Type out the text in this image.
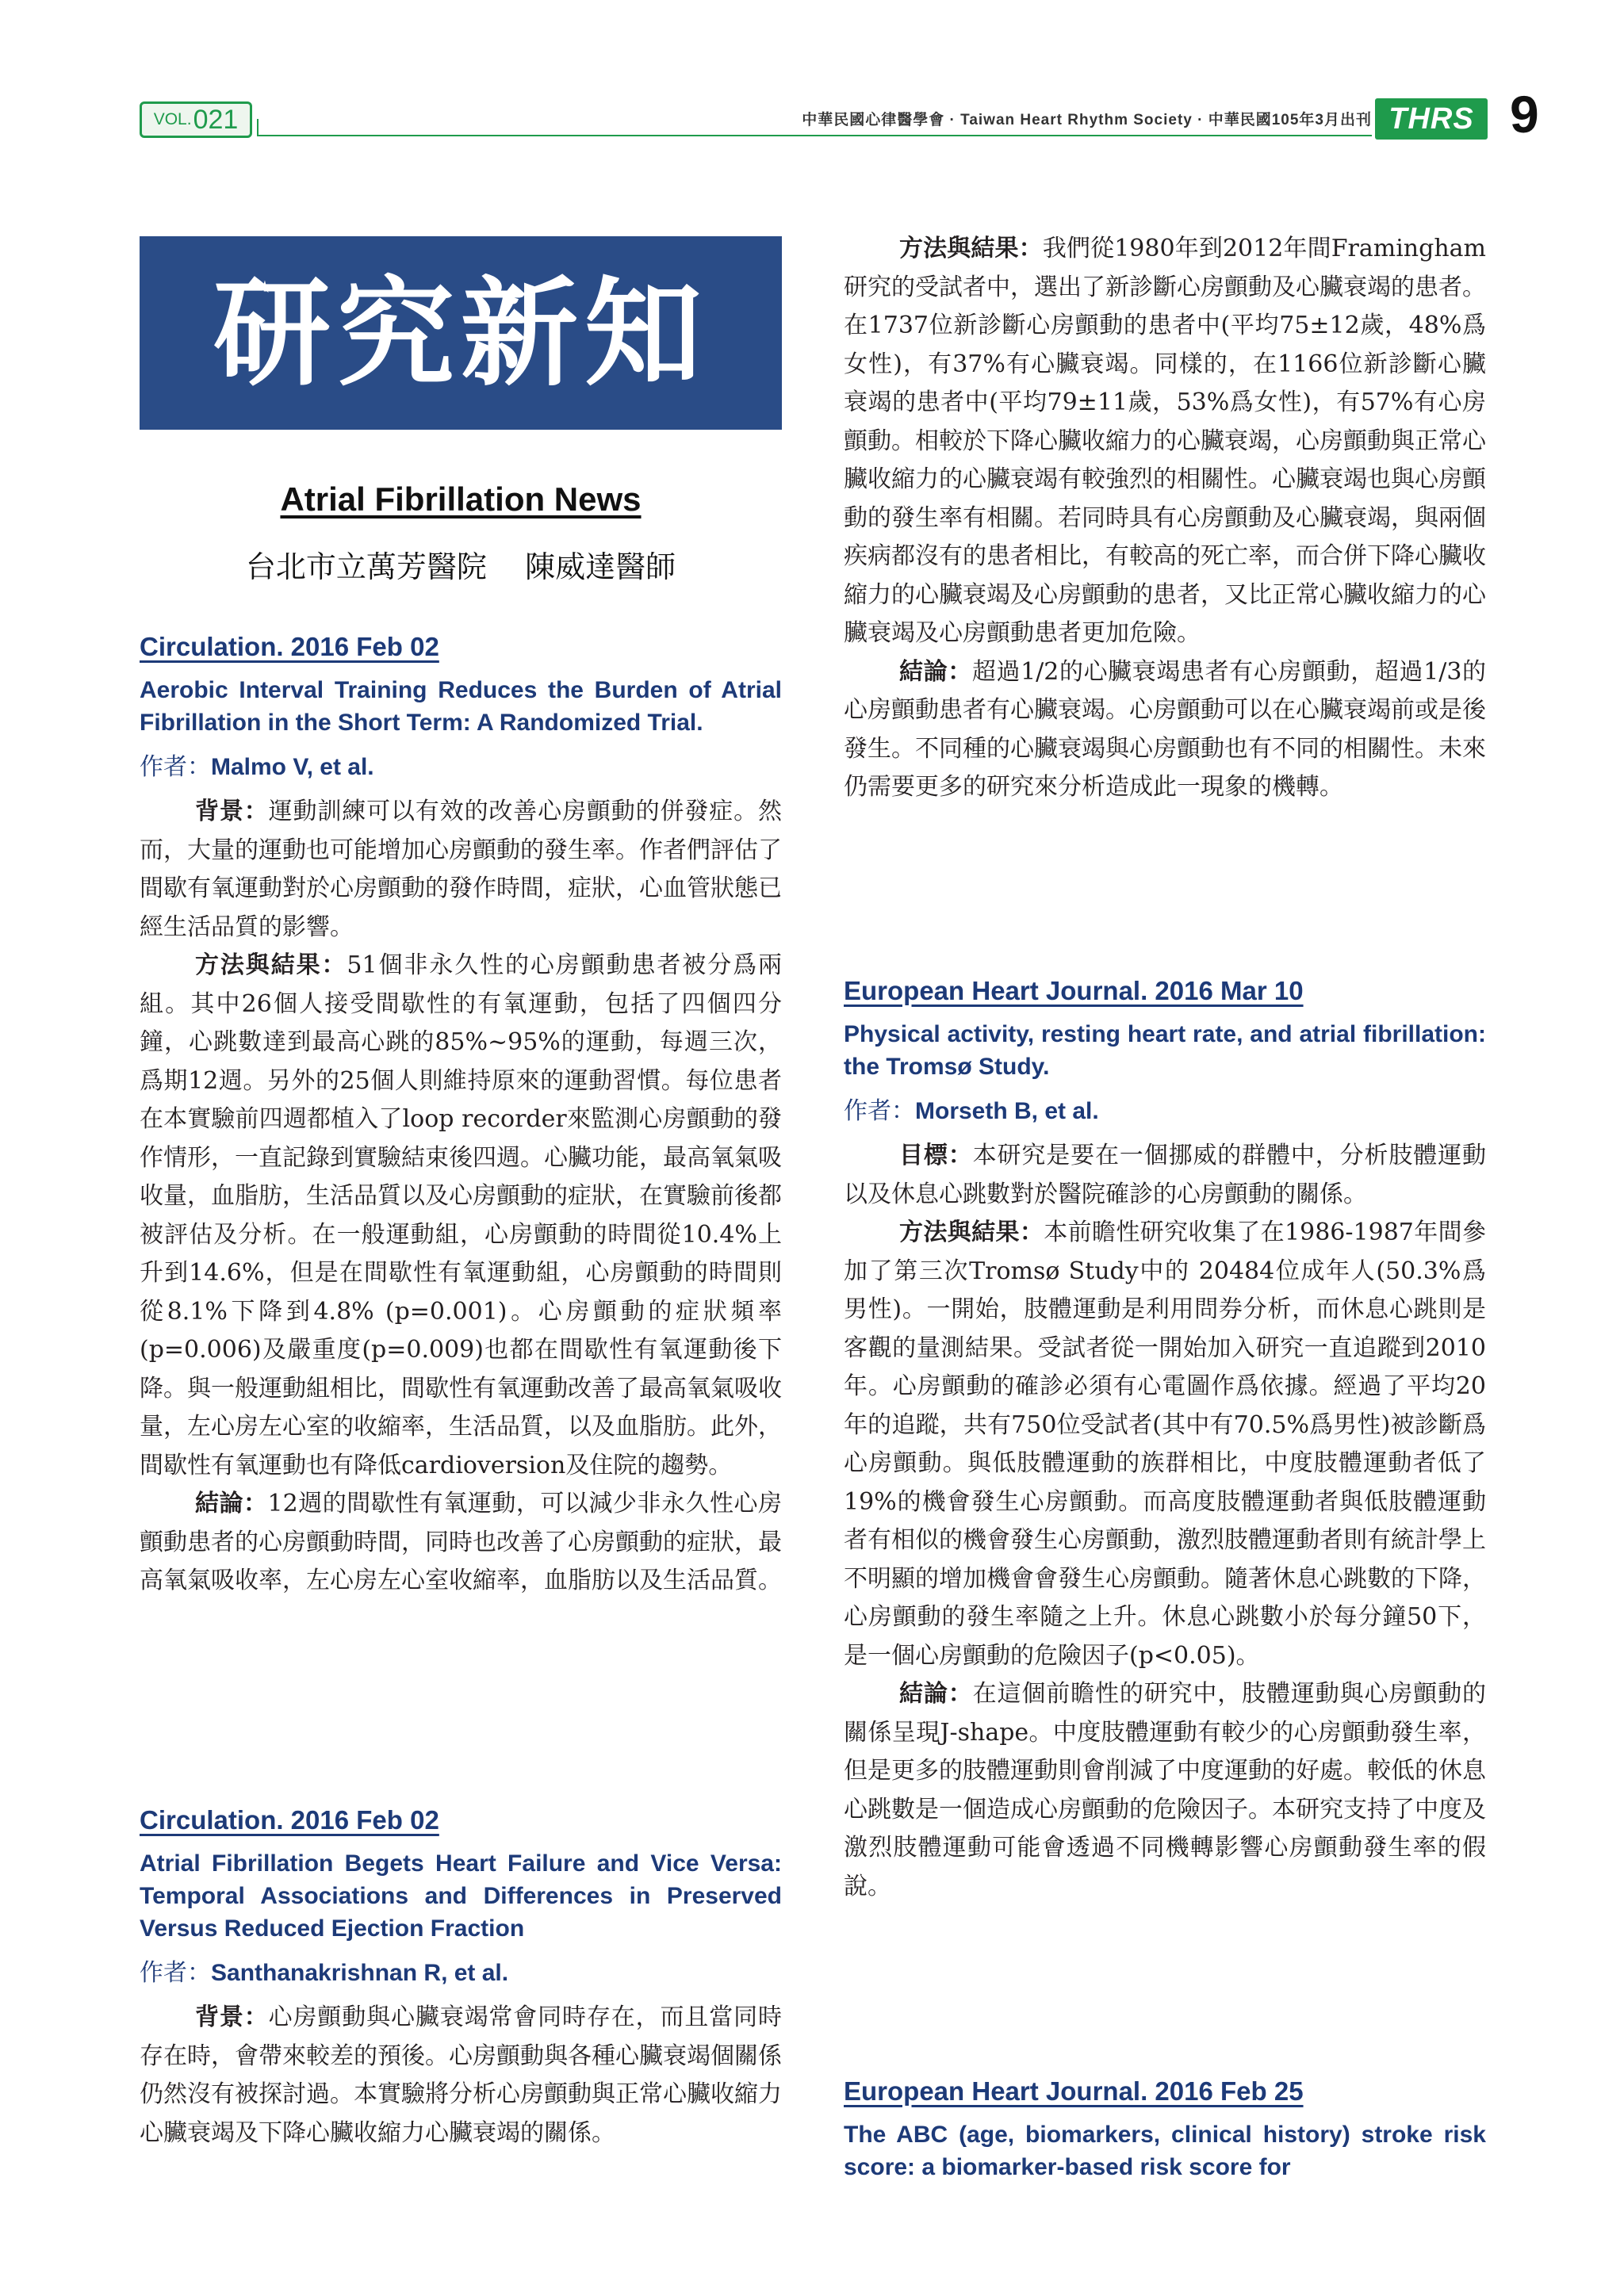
VOL. 021	中華民國心律醫學會 · Taiwan Heart Rhythm Society · 中華民國105年3月出刊 THRS 9
研究新知
Atrial Fibrillation News
台北市立萬芳醫院    陳威達醫師
Circulation. 2016 Feb 02
Aerobic Interval Training Reduces the Burden of Atrial Fibrillation in the Short Term: A Randomized Trial.
作者：Malmo V, et al.

背景：運動訓練可以有效的改善心房顫動的併發症。然而，大量的運動也可能增加心房顫動的發生率。作者們評估了間歇有氧運動對於心房顫動的發作時間，症狀，心血管狀態已經生活品質的影響。

方法與結果：51個非永久性的心房顫動患者被分爲兩組。其中26個人接受間歇性的有氧運動，包括了四個四分鐘，心跳數達到最高心跳的85%~95%的運動，每週三次，爲期12週。另外的25個人則維持原來的運動習慣。每位患者在本實驗前四週都植入了loop recorder來監測心房顫動的發作情形，一直記錄到實驗結束後四週。心臟功能，最高氧氣吸收量，血脂肪，生活品質以及心房顫動的症狀，在實驗前後都被評估及分析。在一般運動組，心房顫動的時間從10.4%上升到14.6%，但是在間歇性有氧運動組，心房顫動的時間則從8.1%下降到4.8% (p=0.001)。心房顫動的症狀頻率(p=0.006)及嚴重度(p=0.009)也都在間歇性有氧運動後下降。與一般運動組相比，間歇性有氧運動改善了最高氧氣吸收量，左心房左心室的收縮率，生活品質，以及血脂肪。此外，間歇性有氧運動也有降低cardioversion及住院的趨勢。

結論：12週的間歇性有氧運動，可以減少非永久性心房顫動患者的心房顫動時間，同時也改善了心房顫動的症狀，最高氧氣吸收率，左心房左心室收縮率，血脂肪以及生活品質。

Circulation. 2016 Feb 02
Atrial Fibrillation Begets Heart Failure and Vice Versa: Temporal Associations and Differences in Preserved Versus Reduced Ejection Fraction
作者：Santhanakrishnan R, et al.

背景：心房顫動與心臟衰竭常會同時存在，而且當同時存在時，會帶來較差的預後。心房顫動與各種心臟衰竭個關係仍然沒有被探討過。本實驗將分析心房顫動與正常心臟收縮力心臟衰竭及下降心臟收縮力心臟衰竭的關係。

方法與結果：我們從1980年到2012年間Framingham研究的受試者中，選出了新診斷心房顫動及心臟衰竭的患者。在1737位新診斷心房顫動的患者中(平均75±12歲，48%爲女性)，有37%有心臟衰竭。同樣的，在1166位新診斷心臟衰竭的患者中(平均79±11歲，53%爲女性)，有57%有心房顫動。相較於下降心臟收縮力的心臟衰竭，心房顫動與正常心臟收縮力的心臟衰竭有較強烈的相關性。心臟衰竭也與心房顫動的發生率有相關。若同時具有心房顫動及心臟衰竭，與兩個疾病都沒有的患者相比，有較高的死亡率，而合併下降心臟收縮力的心臟衰竭及心房顫動的患者，又比正常心臟收縮力的心臟衰竭及心房顫動患者更加危險。

結論：超過1/2的心臟衰竭患者有心房顫動，超過1/3的心房顫動患者有心臟衰竭。心房顫動可以在心臟衰竭前或是後發生。不同種的心臟衰竭與心房顫動也有不同的相關性。未來仍需要更多的研究來分析造成此一現象的機轉。

European Heart Journal. 2016 Mar 10
Physical activity, resting heart rate, and atrial fibrillation: the Tromsø Study.
作者：Morseth B, et al.

目標：本研究是要在一個挪威的群體中，分析肢體運動以及休息心跳數對於醫院確診的心房顫動的關係。

方法與結果：本前瞻性研究收集了在1986-1987年間參加了第三次Tromsø Study中的 20484位成年人(50.3%爲男性)。一開始，肢體運動是利用問券分析，而休息心跳則是客觀的量測結果。受試者從一開始加入研究一直追蹤到2010年。心房顫動的確診必須有心電圖作爲依據。經過了平均20年的追蹤，共有750位受試者(其中有70.5%爲男性)被診斷爲心房顫動。與低肢體運動的族群相比，中度肢體運動者低了19%的機會發生心房顫動。而高度肢體運動者與低肢體運動者有相似的機會發生心房顫動，激烈肢體運動者則有統計學上不明顯的增加機會會發生心房顫動。隨著休息心跳數的下降，心房顫動的發生率隨之上升。休息心跳數小於每分鐘50下，是一個心房顫動的危險因子(p<0.05)。

結論：在這個前瞻性的研究中，肢體運動與心房顫動的關係呈現J-shape。中度肢體運動有較少的心房顫動發生率，但是更多的肢體運動則會削減了中度運動的好處。較低的休息心跳數是一個造成心房顫動的危險因子。本研究支持了中度及激烈肢體運動可能會透過不同機轉影響心房顫動發生率的假說。

European Heart Journal. 2016 Feb 25
The ABC (age, biomarkers, clinical history) stroke risk score: a biomarker-based risk score for
